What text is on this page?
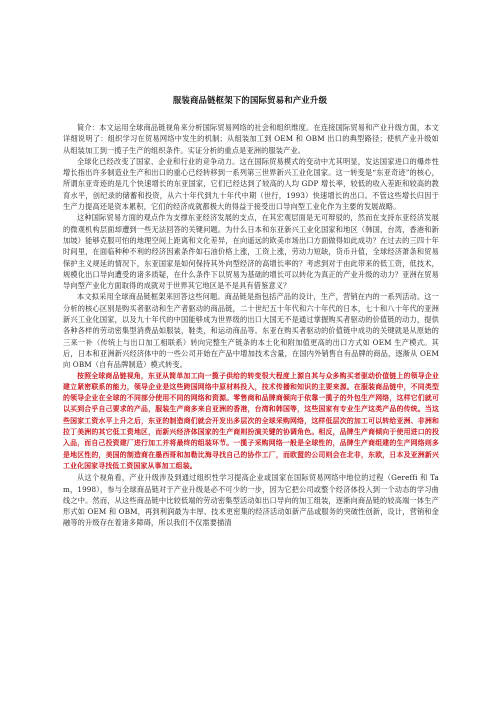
服装商品链框架下的国际贸易和产业升级

简介：本文运用全球商品链视角来分析国际贸易网络的社会和组织维度。在连接国际贸易和产业升级方面，本文详细说明了：组织学习在贸易网络中发生的机制；从组装加工到 OEM 和 OBM 出口的典型路径；使机产业升级如从组装加工到一揽子生产的组织条件。实证分析的重点是亚洲的服装产业。

全球化已经改变了国家、企业和行业的竞争动力。这在国际贸易模式的变动中尤其明显，发达国家进口的爆炸性增长指出许多制造业生产和出口的重心已经转移到一系列第三世界新兴工业化国家。这一转变是“东亚奇迹”的核心，所谓东亚奇迹的是几个快速增长的东亚国家，它们已经达到了较高的人均 GDP 增长率，较低的收入差距和较高的教育水平，创纪录的储蓄和投资，从六十年代到九十年代中期（世行，1993）快速增长的出口。不管这些增长归因于生产力提高还是资本累积，它们的经济成就都极大的得益于接受出口导向型工业化作为主要的发展战略。

这种国际贸易方面的观点作为支撑东亚经济发展的支点，在其宏观层面是无可辩驳的，然而在支持东亚经济发展的微观机构层面却遭到一些无法回答的关键问题。为什么日本和东亚新兴工业化国家和地区（韩国，台湾，香港和新加坡）能够克服可怕的地理空间上距离和文化差异，在向遥远的欧美市场出口方面做得如此成功？在过去的三四十年时间里，在面临种种不利的经济因素条件如石油价格上涨，工资上涨，劳动力短缺，货币升值，全球经济萧条和贸易保护主义规延的情况下，东亚国家是如何保持其外向型经济的高增长率的？考虑到对于由此带来的低工资，低技术，规模化出口导向遭受的诸多质疑，在什么条件下以贸易为基础的增长可以转化为真正的产业升级的动力？亚洲在贸易导向型产业化方面取得的成就对于世界其它地区是不是具有借鉴意义？

本文拟采用全球商品链框架来回答这些问题。商品链是指包括产品的设计，生产，营销在内的一系列活动。这一分析的核心区别是购买者驱动和生产者驱动的商品链，二十世纪五十年代和六十年代的日本，七十和八十年代的亚洲新兴工业化国家，以及九十年代的中国能够成为世界级的出口大国无不是通过掌握购买者驱动的价值链的动力，提供各种各样的劳动密集型消费品如服装，鞋类，和运动商品等。东亚在购买者驱动的价值链中成功的关键就是从原始的三来一补（传统上与出口加工相联系）转向完整生产链条的本土化和附加值更高的出口方式如 OEM 生产模式。其后，日本和亚洲新兴经济体中的一些公司开始在产品中增加技术含量，在国内外销售自有品牌的商品，逐渐从 OEM 向 OBM（自有品牌制造）模式转变。

按照全球商品链视角，东亚从简单加工向一揽子供给的转变很大程度上源自其与众多购买者驱动价值链上的领导企业建立紧密联系的能力，领导企业是这些跨国网络中原材料投入，技术传播和知识的主要来源。在服装商品链中，不同类型的领导企业在全球的不同部分使用不同的网络和资源。零售商和品牌商倾向于依靠一揽子的外包生产网络，这样它们就可以买到合乎自己要求的产品，服装生产商多来自亚洲的香港，台湾和韩国等，这些国家有专业生产这类产品的传统。当这些国家工资水平上升之后，东亚的制造商们就会开发出多层次的全球采购网络，这样低层次的加工可以转给亚洲、非洲和拉丁美洲的其它低工资地区，而新兴经济体国家的生产商则扮演关键的协调角色。相反，品牌生产商倾向于使用进口的投入品，而自己投资建厂进行加工并将最终的组装环节。一揽子采购网络一般是全球性的，品牌生产商组建的生产网络则多是地区性的，美国的制造商在墨西哥和加勒比海寻找自己的协作工厂，而欧盟的公司则会在北非，东欧，日本及亚洲新兴工业化国家寻找低工资国家从事加工组装。

从这个视角看，产业升级涉及到通过组织性学习提高企业或国家在国际贸易网络中地位的过程（Gereffi 和 Tam，1998），参与全球商品链对于产业升级是必不可少的一步，因为它把公司或整个经济体投入到一个动态的学习曲线之中。然而，从这些商品链中比较低端的劳动密集型活动如出口导向的加工组装，逐渐向商品链的较高端一体生产形式如 OEM 和 OBM，再到利润最为丰厚、技术更密集的经济活动如新产品或服务的突破性创新，设计，营销和金融等的升级存在着诸多障碍，所以我们不仅需要描清
